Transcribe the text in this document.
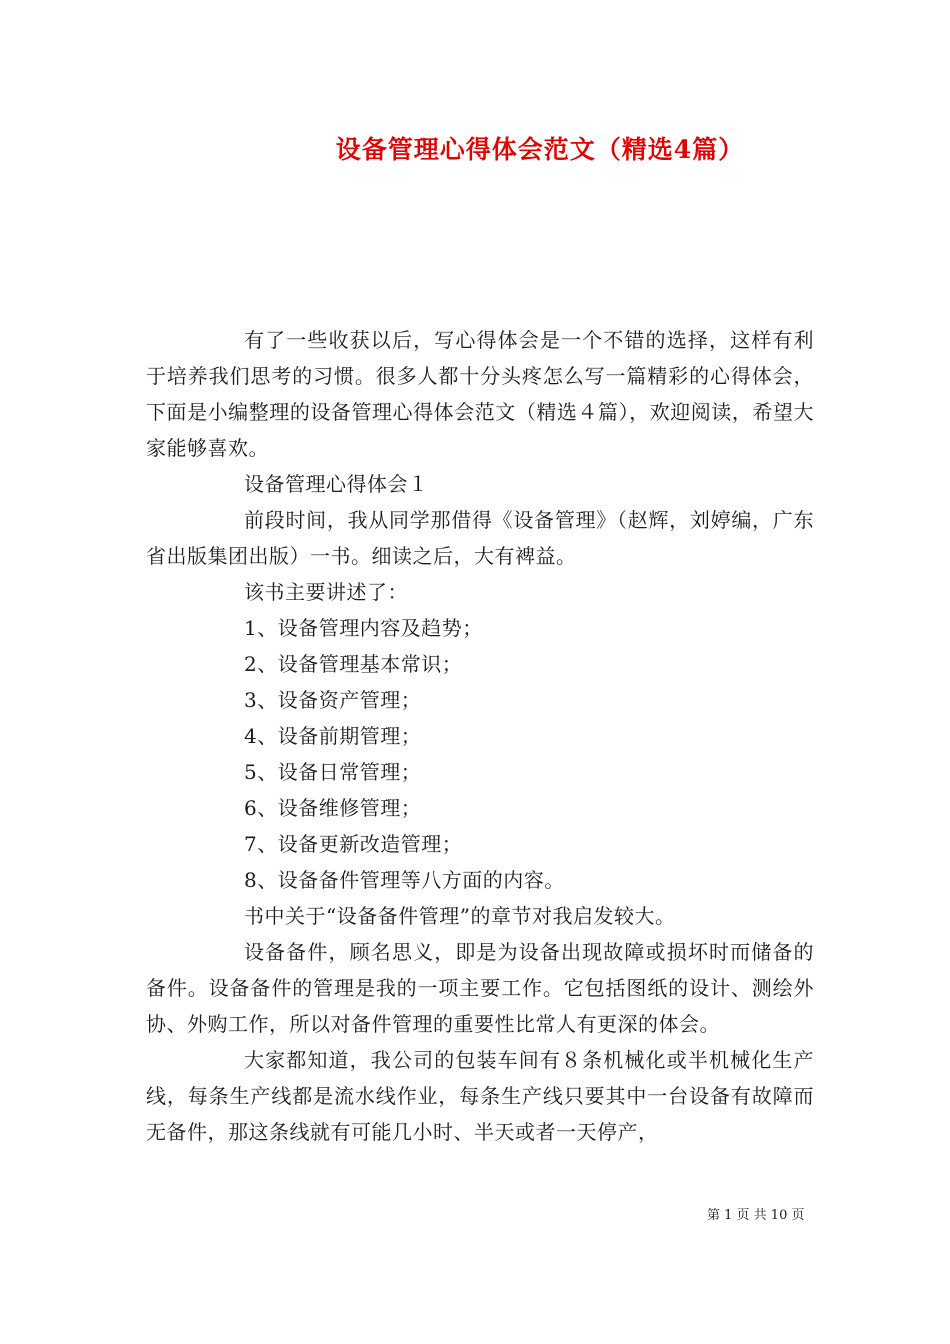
设备管理心得体会范文（精选4篇）

有了一些收获以后，写心得体会是一个不错的选择，这样有利于培养我们思考的习惯。很多人都十分头疼怎么写一篇精彩的心得体会，下面是小编整理的设备管理心得体会范文（精选４篇），欢迎阅读，希望大家能够喜欢。

设备管理心得体会１

前段时间，我从同学那借得《设备管理》（赵辉，刘婷编，广东省出版集团出版）一书。细读之后，大有裨益。

该书主要讲述了：

1、设备管理内容及趋势；

2、设备管理基本常识；

3、设备资产管理；

4、设备前期管理；

5、设备日常管理；

6、设备维修管理；

7、设备更新改造管理；

8、设备备件管理等八方面的内容。

书中关于“设备备件管理”的章节对我启发较大。

设备备件，顾名思义，即是为设备出现故障或损坏时而储备的备件。设备备件的管理是我的一项主要工作。它包括图纸的设计、测绘外协、外购工作，所以对备件管理的重要性比常人有更深的体会。

大家都知道，我公司的包装车间有８条机械化或半机械化生产线，每条生产线都是流水线作业，每条生产线只要其中一台设备有故障而无备件，那这条线就有可能几小时、半天或者一天停产，

第 1 页 共 10 页
